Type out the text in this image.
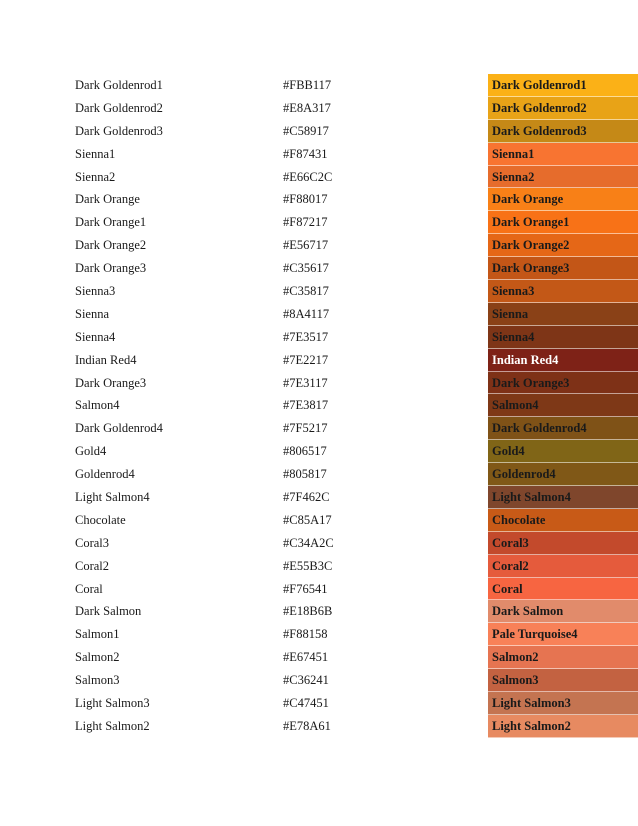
Dark Goldenrod1	#FBB117	Dark Goldenrod1
Dark Goldenrod2	#E8A317	Dark Goldenrod2
Dark Goldenrod3	#C58917	Dark Goldenrod3
Sienna1	#F87431	Sienna1
Sienna2	#E66C2C	Sienna2
Dark Orange	#F88017	Dark Orange
Dark Orange1	#F87217	Dark Orange1
Dark Orange2	#E56717	Dark Orange2
Dark Orange3	#C35617	Dark Orange3
Sienna3	#C35817	Sienna3
Sienna	#8A4117	Sienna
Sienna4	#7E3517	Sienna4
Indian Red4	#7E2217	Indian Red4
Dark Orange3	#7E3117	Dark Orange3
Salmon4	#7E3817	Salmon4
Dark Goldenrod4	#7F5217	Dark Goldenrod4
Gold4	#806517	Gold4
Goldenrod4	#805817	Goldenrod4
Light Salmon4	#7F462C	Light Salmon4
Chocolate	#C85A17	Chocolate
Coral3	#C34A2C	Coral3
Coral2	#E55B3C	Coral2
Coral	#F76541	Coral
Dark Salmon	#E18B6B	Dark Salmon
Salmon1	#F88158	Pale Turquoise4
Salmon2	#E67451	Salmon2
Salmon3	#C36241	Salmon3
Light Salmon3	#C47451	Light Salmon3
Light Salmon2	#E78A61	Light Salmon2
